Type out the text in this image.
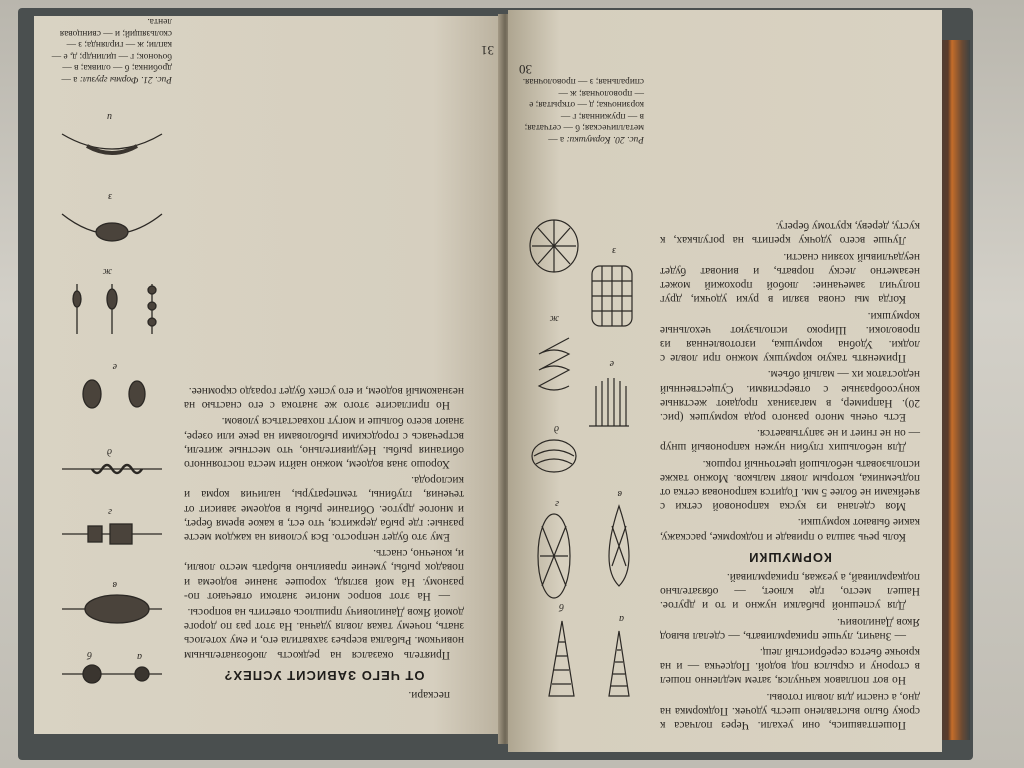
31
а
б
в
г
д
е
ж
з
и
Рис. 21. Формы грузил: а — дробинка; б — оливка; в — бочонок; г — цилиндр; д, е — капли; ж — гирлянда; з — скользящий; и — свинцовая лента.

пескари.

ОТ ЧЕГО ЗАВИСИТ УСПЕХ?

Приятель оказался на редкость любознательным новичком. Рыбалка всерьез захватила его, и ему хотелось знать, почему такая ловля удачна. На этот раз по дороге домой Яков Даниловичу пришлось ответить на вопросы.

— На этот вопрос многие знатоки отвечают по-разному. На мой взгляд, хорошее знание водоема и повадок рыбы, умение правильно выбрать место ловли, и, конечно, снасть.

Ему это будет непросто. Вся условия на каждом месте разные: где рыба держится, что ест, в какое время берет, и многое другое. Обитание рыбы в водоеме зависит от течения, глубины, температуры, наличия корма и кислорода.

Хорошо зная водоем, можно найти места постоянного обитания рыбы. Неудивительно, что местные жители, встречаясь с городскими рыболовами на реке или озере, знают всего больше и могут похвастаться уловом.

Но пригласите этого же знатока с его снастью на незнакомый водоем, и его успех будет гораздо скромнее.

30

Пошептавшись, они уехали. Через полчаса к сроку было выставлено шесть удочек. Подкормка на дно, а снасти для ловли готовы.

Но вот поплавок качнулся, затем медленно пошел в сторону и скрылся под водой. Подсечка — и на крючке бьется серебристый лещ.

— Значит, лучше прикармливать, — сделал вывод Яков Данилович.

Для успешной рыбалки нужно и то и другое. Нашел место, где клюет, — обязательно подкармливай, а уезжая, прикармливай.

КОРМУШКИ

Коль речь зашла о приваде и подкормке, расскажу, какие бывают кормушки.

Моя сделана из куска капроновой сетки с ячейками не более 5 мм. Годится капроновая сетка от подъемника, которым ловят мальков. Можно также использовать небольшой цветочный горшок.

Для небольших глубин нужен капроновый шнур — он не гниет и не запутывается.

Есть очень много разного рода кормушек (рис. 20). Например, в магазинах продают жестяные конусообразные с отверстиями. Существенный недостаток их — малый объем.

Применять такую кормушку можно при ловле с лодки. Удобна кормушка, изготовленная из проволоки. Широко используют чехольные кормушки.

Когда мы снова взяли в руки удочки, друг получил замечание: любой прохожий может незаметно леску порвать, и виноват будет неудачливый хозяин снасти.

Лучше всего удочку крепить на рогульках, к кусту, дереву, крутому берегу.

а
б
в
г
д
е
ж
з
Рис. 20. Кормушки: а — металлическая; б — сетчатая; в — пружинная; г — корзиночка; д — открытая; е — проволочная; ж — спиральная; з — проволочная.
